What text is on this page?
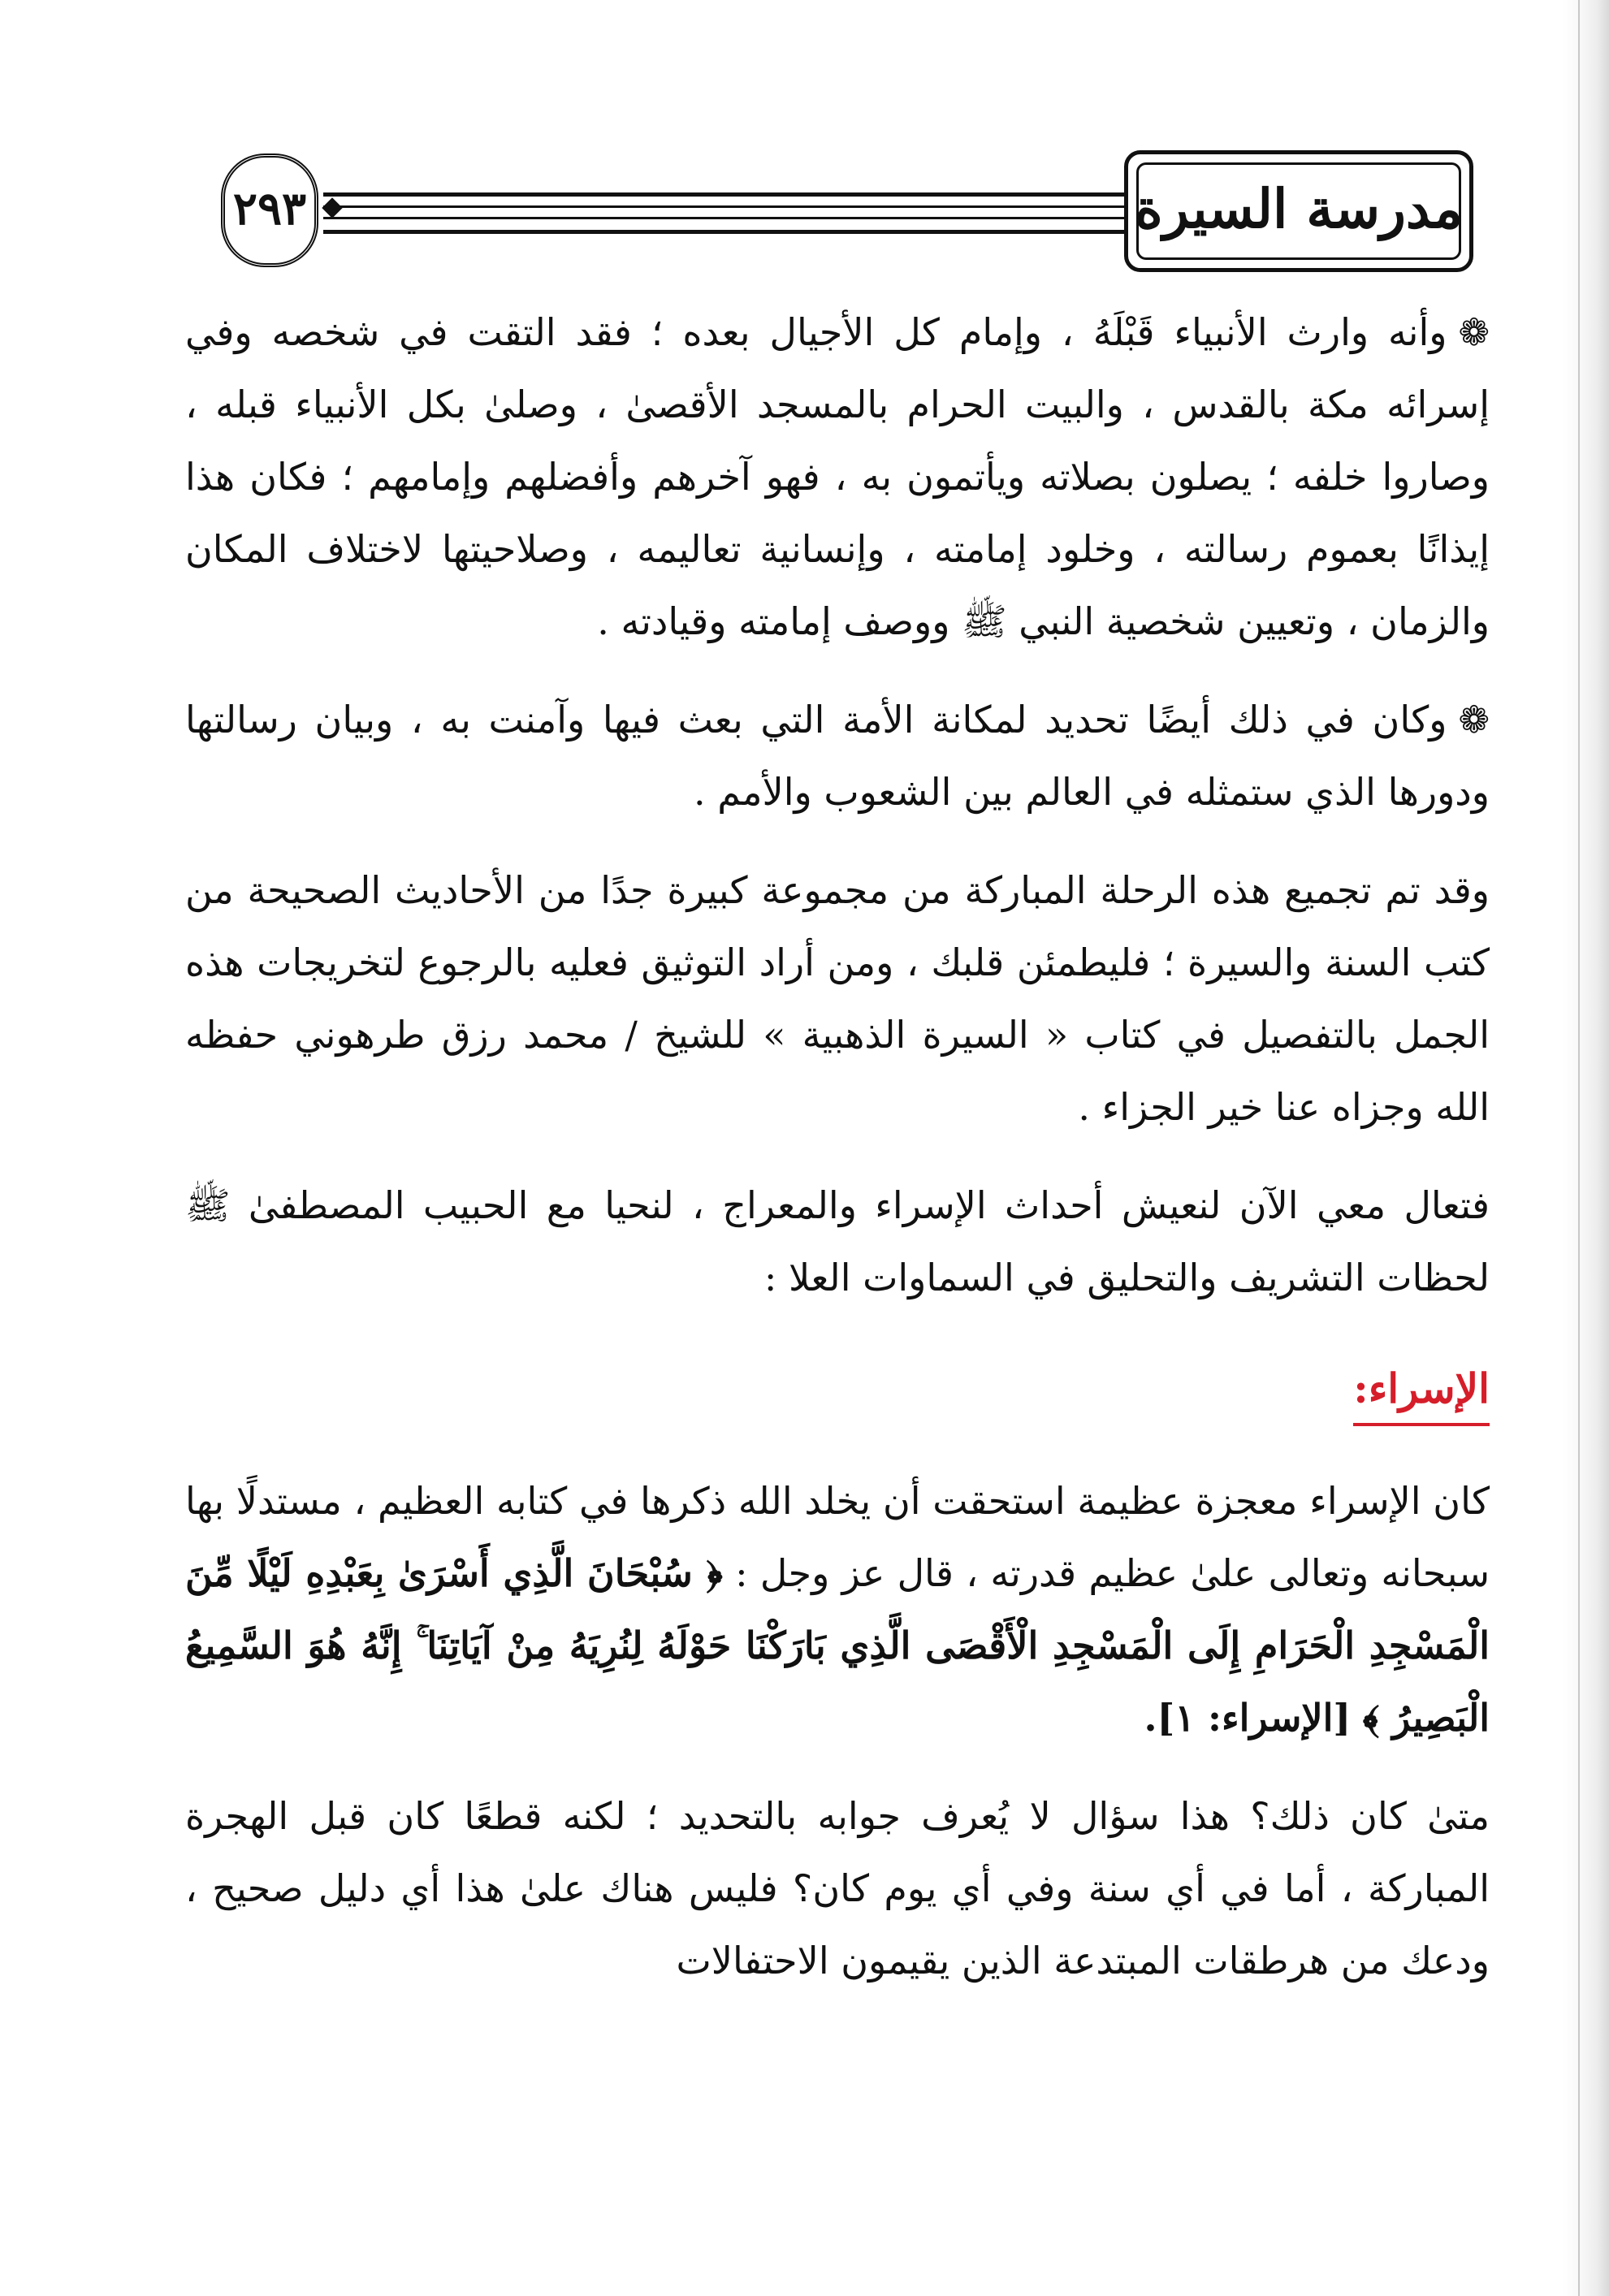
٢٩٣	مدرسة السيرة

❁وأنه وارث الأنبياء قَبْلَهُ ، وإمام كل الأجيال بعده ؛ فقد التقت في شخصه وفي إسرائه مكة بالقدس ، والبيت الحرام بالمسجد الأقصىٰ ، وصلىٰ بكل الأنبياء قبله ، وصاروا خلفه ؛ يصلون بصلاته ويأتمون به ، فهو آخرهم وأفضلهم وإمامهم ؛ فكان هذا إيذانًا بعموم رسالته ، وخلود إمامته ، وإنسانية تعاليمه ، وصلاحيتها لاختلاف المكان والزمان ، وتعيين شخصية النبي ﷺ ووصف إمامته وقيادته .

❁وكان في ذلك أيضًا تحديد لمكانة الأمة التي بعث فيها وآمنت به ، وبيان رسالتها ودورها الذي ستمثله في العالم بين الشعوب والأمم .

وقد تم تجميع هذه الرحلة المباركة من مجموعة كبيرة جدًا من الأحاديث الصحيحة من كتب السنة والسيرة ؛ فليطمئن قلبك ، ومن أراد التوثيق فعليه بالرجوع لتخريجات هذه الجمل بالتفصيل في كتاب « السيرة الذهبية » للشيخ / محمد رزق طرهوني حفظه الله وجزاه عنا خير الجزاء .

فتعال معي الآن لنعيش أحداث الإسراء والمعراج ، لنحيا مع الحبيب المصطفىٰ ﷺ لحظات التشريف والتحليق في السماوات العلا :

الإسراء:

كان الإسراء معجزة عظيمة استحقت أن يخلد الله ذكرها في كتابه العظيم ، مستدلًا بها سبحانه وتعالى علىٰ عظيم قدرته ، قال عز وجل : ﴿ سُبْحَانَ الَّذِي أَسْرَىٰ بِعَبْدِهِ لَيْلًا مِّنَ الْمَسْجِدِ الْحَرَامِ إِلَى الْمَسْجِدِ الْأَقْصَى الَّذِي بَارَكْنَا حَوْلَهُ لِنُرِيَهُ مِنْ آيَاتِنَا ۚ إِنَّهُ هُوَ السَّمِيعُ الْبَصِيرُ ﴾ [الإسراء: ١].

متىٰ كان ذلك؟ هذا سؤال لا يُعرف جوابه بالتحديد ؛ لكنه قطعًا كان قبل الهجرة المباركة ، أما في أي سنة وفي أي يوم كان؟ فليس هناك علىٰ هذا أي دليل صحيح ، ودعك من هرطقات المبتدعة الذين يقيمون الاحتفالات
